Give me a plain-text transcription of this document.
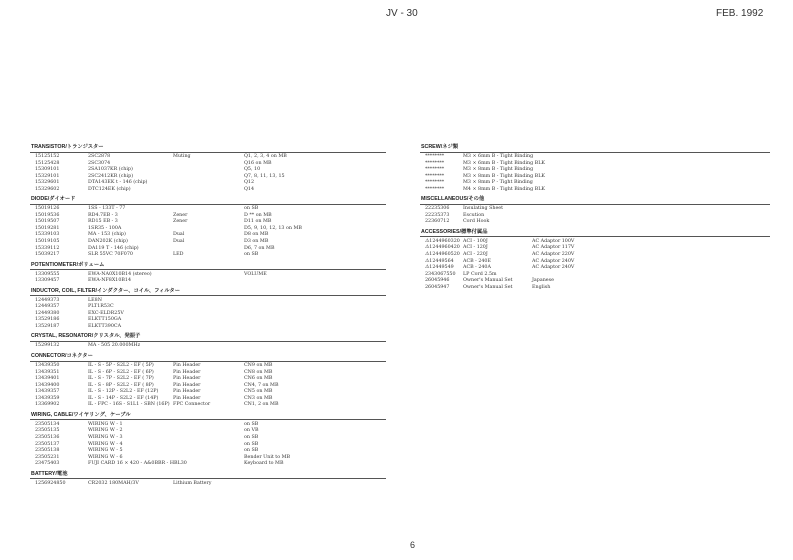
JV - 30	FEB. 1992
TRANSISTOR/トランジスター
15125152	2SC2878	Muting	Q1, 2, 3, 4 on MB
15125428	2SC3074	Q16 on MB
15309101	2SA1037KR (chip)	Q5, 10
15329101	2SC2412KR (chip)	Q7, 8, 11, 13, 15
15329601	DTA143EK t - 146 (chip)	Q12
15329602	DTC124EK (chip)	Q14
DIODE/ダイオード
15019126	1SS - 133T - 77	on SB
15019536	RD4.7EB - 3	Zener	D ** on MB
15019507	RD15 EB - 3	Zener	D11 on MB
15019281	1SR35 - 100A	D5, 9, 10, 12, 13 on MB
15339103	MA - 153 (chip)	Dual	D8 on MB
15019105	DAN202K (chip)	Dual	D3 on MB
15339112	DA119 T - 146 (chip)	D6, 7 on MB
15039217	SLR 55VC 70F070	LED	on SB
POTENTIOMETER/ボリューム
13309555	EWA-NA0X10B14 (stereo)	VOLUME
13309457	EWA-NF8X10B14
INDUCTOR, COIL, FILTER/インダクター、コイル、フィルター
12449373	LE8N
12449357	PLT1R53C
12449380	EXC-ELDR25V
13529186	ELKTT150GA
13529187	ELKTT390CA
CRYSTAL, RESONATOR/クリスタル、発振子
15299132	MA - 505 20.000MHz
CONNECTOR/コネクター
13439350	IL - S - 5P - S2L2 - EF ( 5P)	Pin Header	CN9 on MB
13439351	IL - S - 6P - S2L2 - EF ( 6P)	Pin Header	CN8 on MB
13439401	IL - S - 7P - S2L2 - EF ( 7P)	Pin Header	CN6 on MB
13439400	IL - S - 8P - S2L2 - EF ( 8P)	Pin Header	CN4, 7 on MB
13439357	IL - S - 12P - S2L2 - EF (12P)	Pin Header	CN5 on MB
13439359	IL - S - 14P - S2L2 - EF (14P)	Pin Header	CN3 on MB
13369902	IL - FPC - 16S - S1L1 - SBN (16P) FPC Connector	CN1, 2 on MB
WIRING, CABLE/ワイヤリング、ケーブル
23505134	WIRING W - 1	on SB
23505135	WIRING W - 2	on VB
23505136	WIRING W - 3	on SB
23505137	WIRING W - 4	on SB
23505138	WIRING W - 5	on SB
23505231	WIRING W - 6	Bender Unit to MB
23475403	FUJI CARD 16 × 420 - A&0BBR - HBL30	Keyboard to MB
BATTERY/電池
1256924850	CR2032 180MAH/3V	Lithium Battery
SCREW/ネジ類
********	M3 × 6mm B - Tight Binding
********	M3 × 6mm B - Tight Binding BLK
********	M3 × 8mm B - Tight Binding
********	M3 × 8mm B - Tight Binding BLK
********	M3 × 8mm P - Tight Binding
********	M4 × 8mm B - Tight Binding BLK
MISCELLANEOUS/その他
22235306	Insulating Sheet
22235373	Escution
22360712	Cord Hook
ACCESSORIES/標準付属品
⚠1244960320 ACI - 100J	AC Adaptor 100V
⚠1244960420 ACI - 120J	AC Adaptor 117V
⚠1244960520 ACI - 220J	AC Adaptor 220V
⚠12449564 ACB - 240E	AC Adaptor 240V
⚠12449549 ACB - 240A	AC Adaptor 240V
2343067550 LP Cord 2.5m
26045946	Owner's Manual Set	Japanese
26045947	Owner's Manual Set	English
6
